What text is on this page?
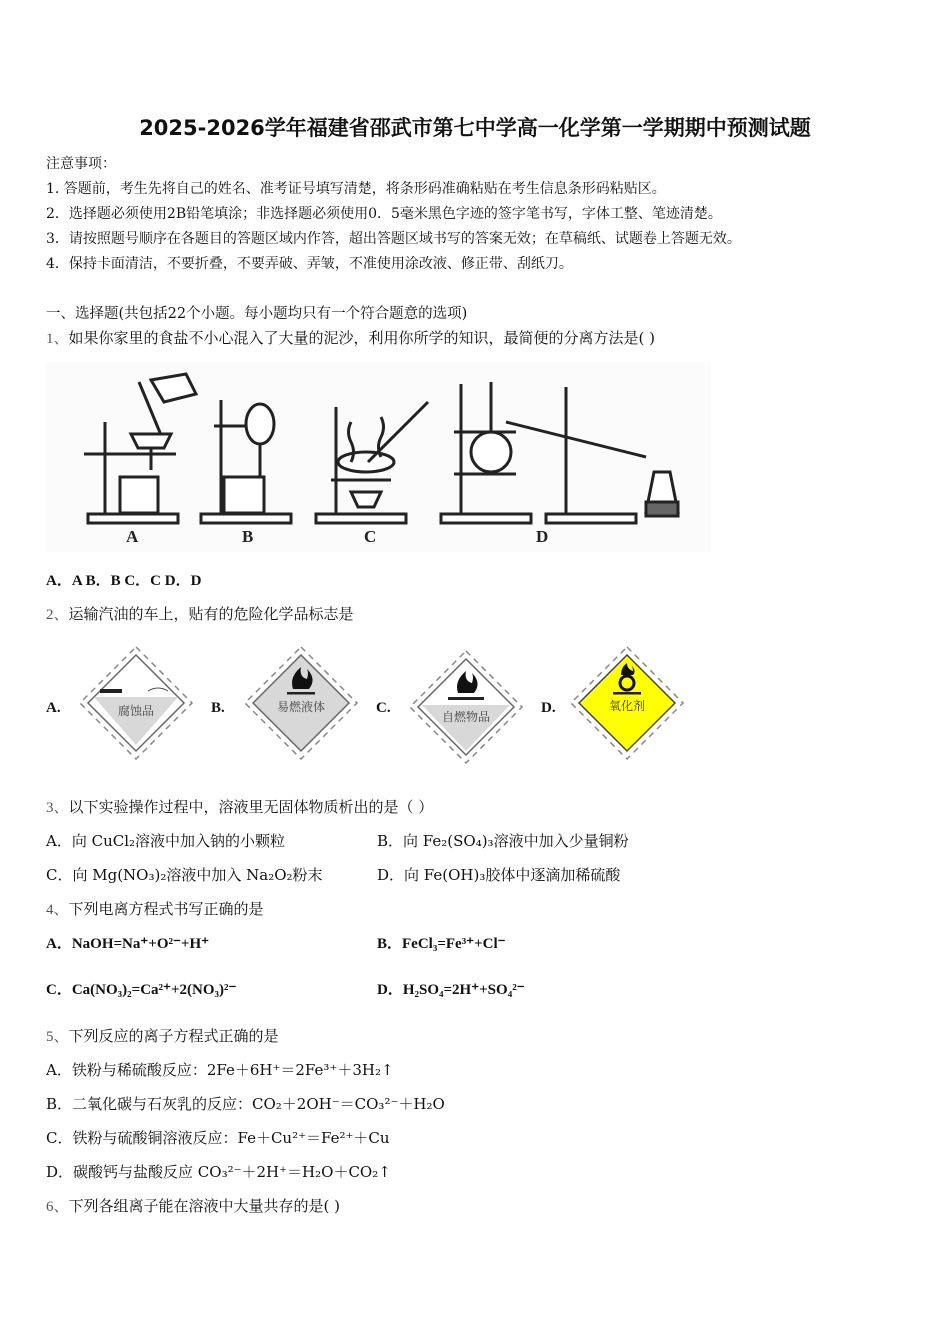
2025-2026学年福建省邵武市第七中学高一化学第一学期期中预测试题
注意事项：
1. 答题前，考生先将自己的姓名、准考证号填写清楚，将条形码准确粘贴在考生信息条形码粘贴区。
2．选择题必须使用2B铅笔填涂；非选择题必须使用0．5毫米黑色字迹的签字笔书写，字体工整、笔迹清楚。
3．请按照题号顺序在各题目的答题区域内作答，超出答题区域书写的答案无效；在草稿纸、试题卷上答题无效。
4．保持卡面清洁，不要折叠，不要弄破、弄皱，不准使用涂改液、修正带、刮纸刀。
一、选择题(共包括22个小题。每小题均只有一个符合题意的选项)
1、如果你家里的食盐不小心混入了大量的泥沙，利用你所学的知识，最简便的分离方法是( )
A	B	C	D
A．A B．B C．C D．D
2、运输汽油的车上，贴有的危险化学品标志是
A.	腐蚀品	B.	易燃液体	C.
自燃物品
D.	氧化剂
3、以下实验操作过程中，溶液里无固体物质析出的是（ ）
A．向 CuCl₂溶液中加入钠的小颗粒	B．向 Fe₂(SO₄)₃溶液中加入少量铜粉
C．向 Mg(NO₃)₂溶液中加入 Na₂O₂粉末	D．向 Fe(OH)₃胶体中逐滴加稀硫酸
4、下列电离方程式书写正确的是
A．NaOH=Na⁺+O²⁻+H⁺	B．FeCl₃=Fe³⁺+Cl⁻
C．Ca(NO₃)₂=Ca²⁺+2(NO₃)²⁻	D．H₂SO₄=2H⁺+SO₄²⁻
5、下列反应的离子方程式正确的是
A．铁粉与稀硫酸反应：2Fe＋6H⁺＝2Fe³⁺＋3H₂↑
B．二氧化碳与石灰乳的反应：CO₂＋2OH⁻＝CO₃²⁻＋H₂O
C．铁粉与硫酸铜溶液反应：Fe＋Cu²⁺＝Fe²⁺＋Cu
D．碳酸钙与盐酸反应 CO₃²⁻＋2H⁺＝H₂O＋CO₂↑
6、下列各组离子能在溶液中大量共存的是( )
